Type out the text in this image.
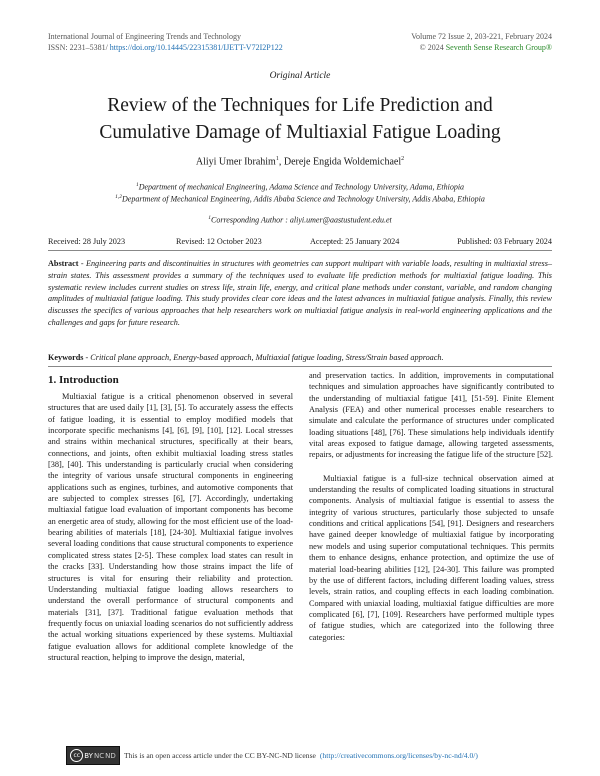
International Journal of Engineering Trends and Technology
ISSN: 2231–5381/ https://doi.org/10.14445/22315381/IJETT-V72I2P122
Volume 72 Issue 2, 203-221, February 2024
© 2024 Seventh Sense Research Group®
Original Article
Review of the Techniques for Life Prediction and
Cumulative Damage of Multiaxial Fatigue Loading
Aliyi Umer Ibrahim$^1$, Dereje Engida Woldemichael$^2$
$^1$Department of mechanical Engineering, Adama Science and Technology University, Adama, Ethiopia
$^{1,2}$Department of Mechanical Engineering, Addis Ababa Science and Technology University, Addis Ababa, Ethiopia
$^1$Corresponding Author : aliyi.umer@aastustudent.edu.et
Received: 28 July 2023	Revised: 12 October 2023	Accepted: 25 January 2024	Published: 03 February 2024
Abstract - Engineering parts and discontinuities in structures with geometries can support multipart with variable loads, resulting in multiaxial stress–strain states. This assessment provides a summary of the techniques used to evaluate life prediction methods for multiaxial fatigue loading. This systematic review includes current studies on stress life, strain life, energy, and critical plane methods under constant, variable, and random changing amplitudes of multiaxial fatigue loading. This study provides clear core ideas and the latest advances in multiaxial fatigue analysis. Finally, this review discusses the specifics of various approaches that help researchers work on multiaxial fatigue analysis in real-world engineering applications and the challenges and gaps for future research.
Keywords - Critical plane approach, Energy-based approach, Multiaxial fatigue loading, Stress/Strain based approach.
1. Introduction

Multiaxial fatigue is a critical phenomenon observed in several structures that are used daily [1], [3], [5]. To accurately assess the effects of fatigue loading, it is essential to employ modified models that incorporate specific mechanisms [4], [6], [9], [10], [12]. Local stresses and strains within mechanical structures, specifically at their bears, connections, and joints, often exhibit multiaxial loading stress statles [38], [40]. This understanding is particularly crucial when considering the integrity of various unsafe structural components in engineering applications such as engines, turbines, and automotive components that are subjected to complex stresses [6], [7]. Accordingly, undertaking multiaxial fatigue load evaluation of important components has become an energetic area of study, allowing for the most efficient use of the load-bearing abilities of materials [18], [24-30]. Multiaxial fatigue involves several loading conditions that cause structural components to experience complicated stress states [2-5]. These complex load states can result in the cracks [33]. Understanding how those strains impact the life of structures is vital for ensuring their reliability and protection. Understanding multiaxial fatigue loading allows researchers to understand the overall performance of structural components and materials [31], [37]. Traditional fatigue evaluation methods that frequently focus on uniaxial loading scenarios do not sufficiently address the actual working situations experienced by these systems. Multiaxial fatigue evaluation allows for additional complete knowledge of the structural reaction, helping to improve the design, material,

and preservation tactics. In addition, improvements in computational techniques and simulation approaches have significantly contributed to the understanding of multiaxial fatigue [41], [51-59]. Finite Element Analysis (FEA) and other numerical processes enable researchers to simulate and calculate the performance of structures under complicated loading situations [48], [76]. These simulations help individuals identify vital areas exposed to fatigue damage, allowing targeted assessments, repairs, or adjustments for increasing the fatigue life of the structure [52].

Multiaxial fatigue is a full-size technical observation aimed at understanding the results of complicated loading situations in structural components. Analysis of multiaxial fatigue is essential to assess the integrity of various structures, particularly those subjected to unsafe conditions and critical applications [54], [91]. Designers and researchers have gained deeper knowledge of multiaxial fatigue by incorporating new models and using superior computational techniques. This permits them to enhance designs, enhance protection, and optimize the use of material load-bearing abilities [12], [24-30]. This failure was prompted by the use of different factors, including different loading values, stress levels, strain ratios, and coupling effects in each loading combination. Compared with uniaxial loading, multiaxial fatigue difficulties are more complicated [6], [7], [109]. Researchers have performed multiple types of fatigue studies, which are categorized into the following three categories:

cc BY NC ND This is an open access article under the CC BY-NC-ND license (http://creativecommons.org/licenses/by-nc-nd/4.0/)
